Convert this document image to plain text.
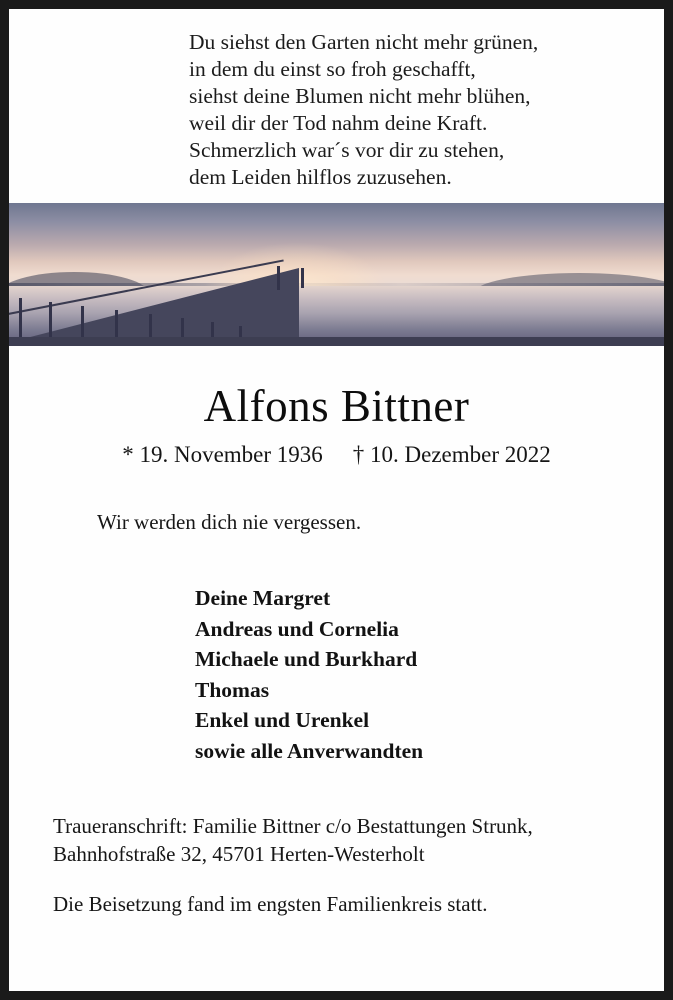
Du siehst den Garten nicht mehr grünen,
in dem du einst so froh geschafft,
siehst deine Blumen nicht mehr blühen,
weil dir der Tod nahm deine Kraft.
Schmerzlich war´s vor dir zu stehen,
dem Leiden hilflos zuzusehen.
Alfons Bittner
* 19. November 1936 † 10. Dezember 2022
Wir werden dich nie vergessen.
Deine Margret
Andreas und Cornelia
Michaele und Burkhard
Thomas
Enkel und Urenkel
sowie alle Anverwandten
Traueranschrift: Familie Bittner c/o Bestattungen Strunk,
Bahnhofstraße 32, 45701 Herten-Westerholt
Die Beisetzung fand im engsten Familienkreis statt.
